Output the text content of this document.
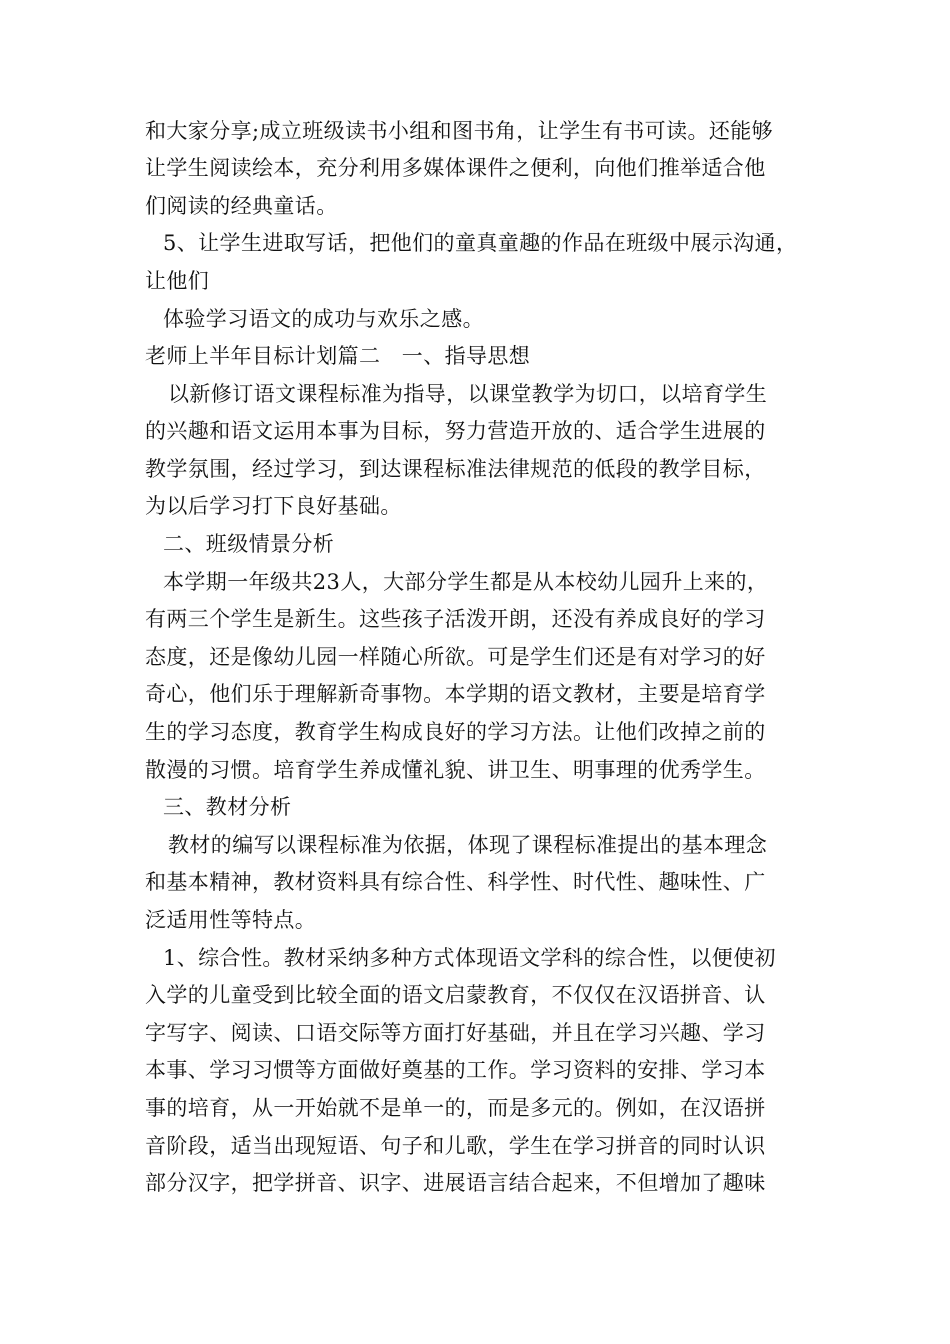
和大家分享;成立班级读书小组和图书角，让学生有书可读。还能够
让学生阅读绘本，充分利用多媒体课件之便利，向他们推举适合他
们阅读的经典童话。
5、让学生进取写话，把他们的童真童趣的作品在班级中展示沟通，
让他们
体验学习语文的成功与欢乐之感。
老师上半年目标计划篇二　一、指导思想
以新修订语文课程标准为指导，以课堂教学为切口，以培育学生
的兴趣和语文运用本事为目标，努力营造开放的、适合学生进展的
教学氛围，经过学习，到达课程标准法律规范的低段的教学目标，
为以后学习打下良好基础。
二、班级情景分析
本学期一年级共23人，大部分学生都是从本校幼儿园升上来的，
有两三个学生是新生。这些孩子活泼开朗，还没有养成良好的学习
态度，还是像幼儿园一样随心所欲。可是学生们还是有对学习的好
奇心，他们乐于理解新奇事物。本学期的语文教材，主要是培育学
生的学习态度，教育学生构成良好的学习方法。让他们改掉之前的
散漫的习惯。培育学生养成懂礼貌、讲卫生、明事理的优秀学生。
三、教材分析
教材的编写以课程标准为依据，体现了课程标准提出的基本理念
和基本精神，教材资料具有综合性、科学性、时代性、趣味性、广
泛适用性等特点。
1、综合性。教材采纳多种方式体现语文学科的综合性，以便使初
入学的儿童受到比较全面的语文启蒙教育，不仅仅在汉语拼音、认
字写字、阅读、口语交际等方面打好基础，并且在学习兴趣、学习
本事、学习习惯等方面做好奠基的工作。学习资料的安排、学习本
事的培育，从一开始就不是单一的，而是多元的。例如，在汉语拼
音阶段，适当出现短语、句子和儿歌，学生在学习拼音的同时认识
部分汉字，把学拼音、识字、进展语言结合起来，不但增加了趣味
